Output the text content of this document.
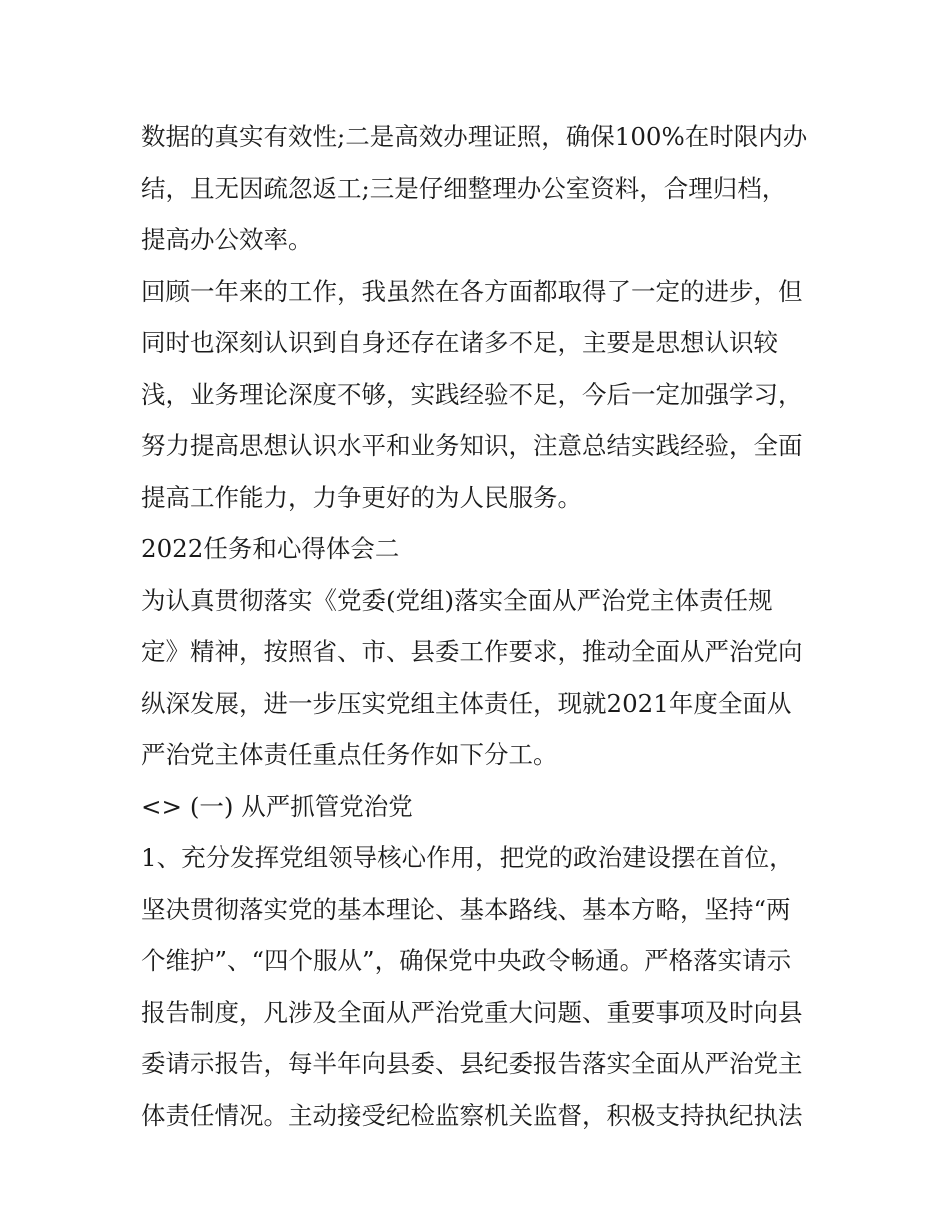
数据的真实有效性;二是高效办理证照，确保100%在时限内办
结，且无因疏忽返工;三是仔细整理办公室资料，合理归档，
提高办公效率。
回顾一年来的工作，我虽然在各方面都取得了一定的进步，但
同时也深刻认识到自身还存在诸多不足，主要是思想认识较
浅，业务理论深度不够，实践经验不足，今后一定加强学习，
努力提高思想认识水平和业务知识，注意总结实践经验，全面
提高工作能力，力争更好的为人民服务。
2022任务和心得体会二
为认真贯彻落实《党委(党组)落实全面从严治党主体责任规
定》精神，按照省、市、县委工作要求，推动全面从严治党向
纵深发展，进一步压实党组主体责任，现就2021年度全面从
严治党主体责任重点任务作如下分工。
<> (一) 从严抓管党治党
1、充分发挥党组领导核心作用，把党的政治建设摆在首位，
坚决贯彻落实党的基本理论、基本路线、基本方略，坚持“两
个维护”、“四个服从”，确保党中央政令畅通。严格落实请示
报告制度，凡涉及全面从严治党重大问题、重要事项及时向县
委请示报告，每半年向县委、县纪委报告落实全面从严治党主
体责任情况。主动接受纪检监察机关监督，积极支持执纪执法
